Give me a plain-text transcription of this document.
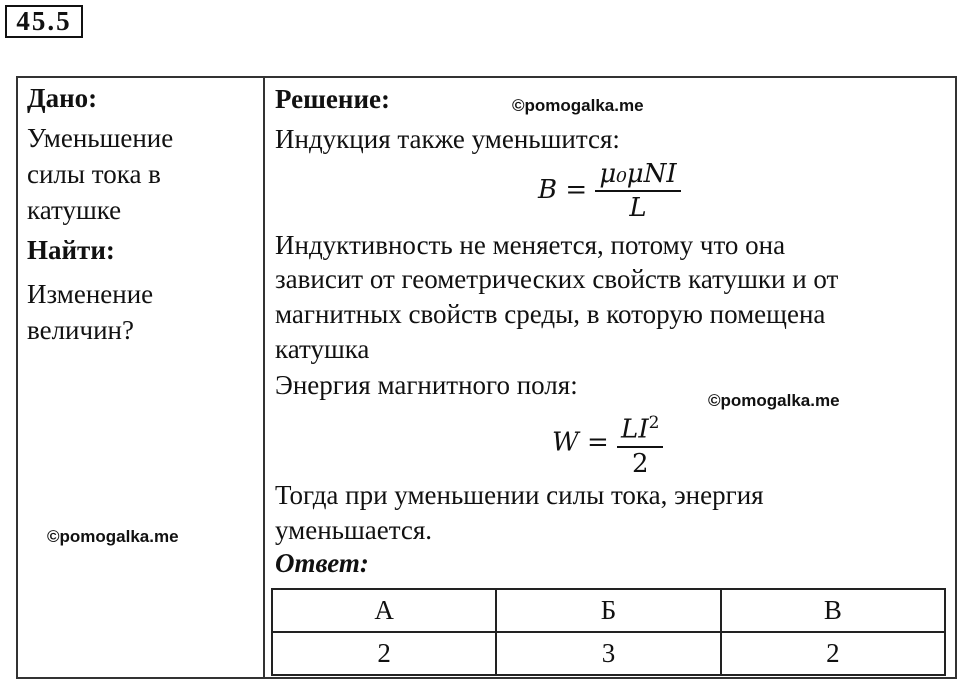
45.5
Дано:
Уменьшение
силы тока в
катушке
Найти:
Изменение
величин?
©pomogalka.me
©pomogalka.me
©pomogalka.me
Решение:
Индукция также уменьшится:
$B = \frac{\text{μ₀μNI}}{L}$
Индуктивность не меняется, потому что она
зависит от геометрических свойств катушки и от
магнитных свойств среды, в которую помещена
катушка
Энергия магнитного поля:
$W = \frac{LI^2}{2}$
Тогда при уменьшении силы тока, энергия
уменьшается.
Ответ:
А	Б	В
2	3	2
